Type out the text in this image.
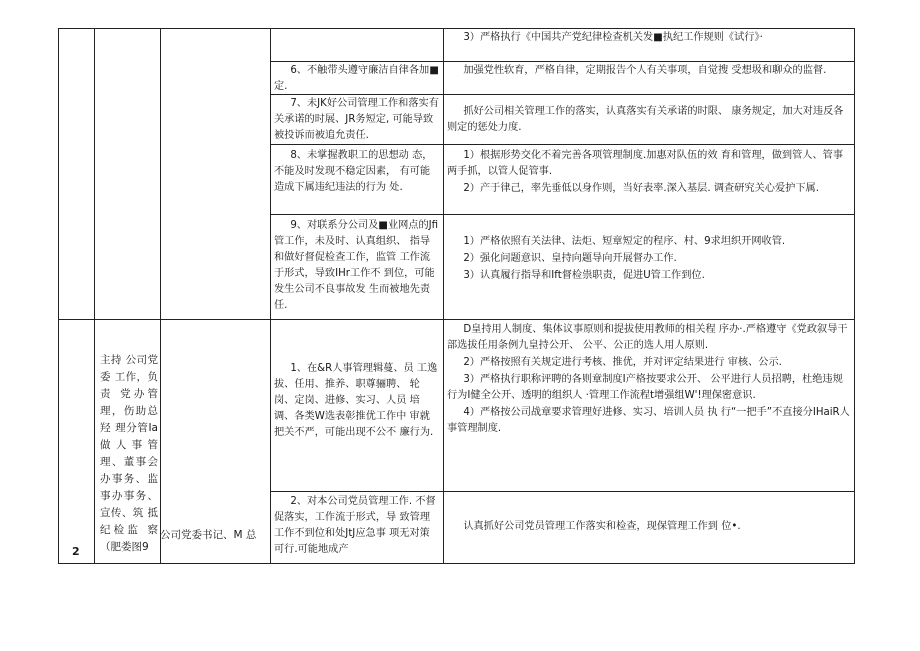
3）严格执行《中国共产党纪律检查机关发■执纪工作规则《试行》·

6、不触带头遵守廉洁自律各加■定.

加强党性软育，严格自律，定期报告个人有关事项，自觉搜 受想圾和聊众的监督.

7、未JK好公司管理工作和落实有关承诺的时展、JR务短定, 可能导致被投诉而被追允责任.

抓好公司相关管理工作的落实，认真落实有关承诺的时限、 康务规定，加大对违反各则定的惩处力度.

8、未掌握教职工的思想动 态，不能及时发现不稳定因素， 有可能造成下属违纪违法的行为 处.

1）根据形势交化不着完善各项管理制度.加惠对队伍的效 育和管理，做到管人、管事两手抓，以管人促管事.

2）产于律己，率先垂低以身作则，当好表率.深入基层. 调查研究关心爱护下属.

9、对联系分公司及■业网点的Jfi管工作，未及时、认真组织、 指导和做好督促检查工作，监管 工作流于形式，导致IHr工作不 到位，可能发生公司不良事故发 生而被地先责任.

1）严格依照有关法律、法炬、短章短定的程序、村、9求坦织开网收管.

2）强化问题意识、皇持向题导向开展督办工作.

3）认真履行指导和Ift督检祟职责，促进U管工作到位.

2
主持 公司党委 工作，负 责 党办管 理，伤助总 羟 理分管Ia 做人事管 理、董事会 办事务、监 事办事务、 宣传、筑 抵 纪检监 察（肥娄图9
公司党委书记、M 总

1、在&R人事管理辑蔓、员 工逸拔、任用、推养、职尊骊聘、 轮岗、定岗、进修、实习、人员 培调、各类W选表彰推优工作中 审就把关不严，可能出现不公不 廉行为.

D皇持用人制度、集体议事原则和提拔使用教师的相关程 序办·.严格遵守《党政叙导干部选拔任用条例九皇持公开、 公平、公正的选人用人原则.

2）严格按照有关规定进行考核、推优，并对评定结果进行 审核、公示.

3）严格执行职称评聘的各则章制度I产格按要求公开、 公平进行人员招聘，杜绝违规行为I健全公开、透明的组织人 ·管理工作流程t增强组W'!理保密意识.

4）严格按公司战章要求管理好进修、实习、培训人员 执 行“一把手”不直接分IHaiR人事管理制度.

2、对本公司党员管理工作. 不督促落实，工作流于形式，导 致管理工作不到位和处JtJ应急事 项无对策可行.可能地成产

认真抓好公司党员管理工作落实和检查，现保管理工作到 位•.
